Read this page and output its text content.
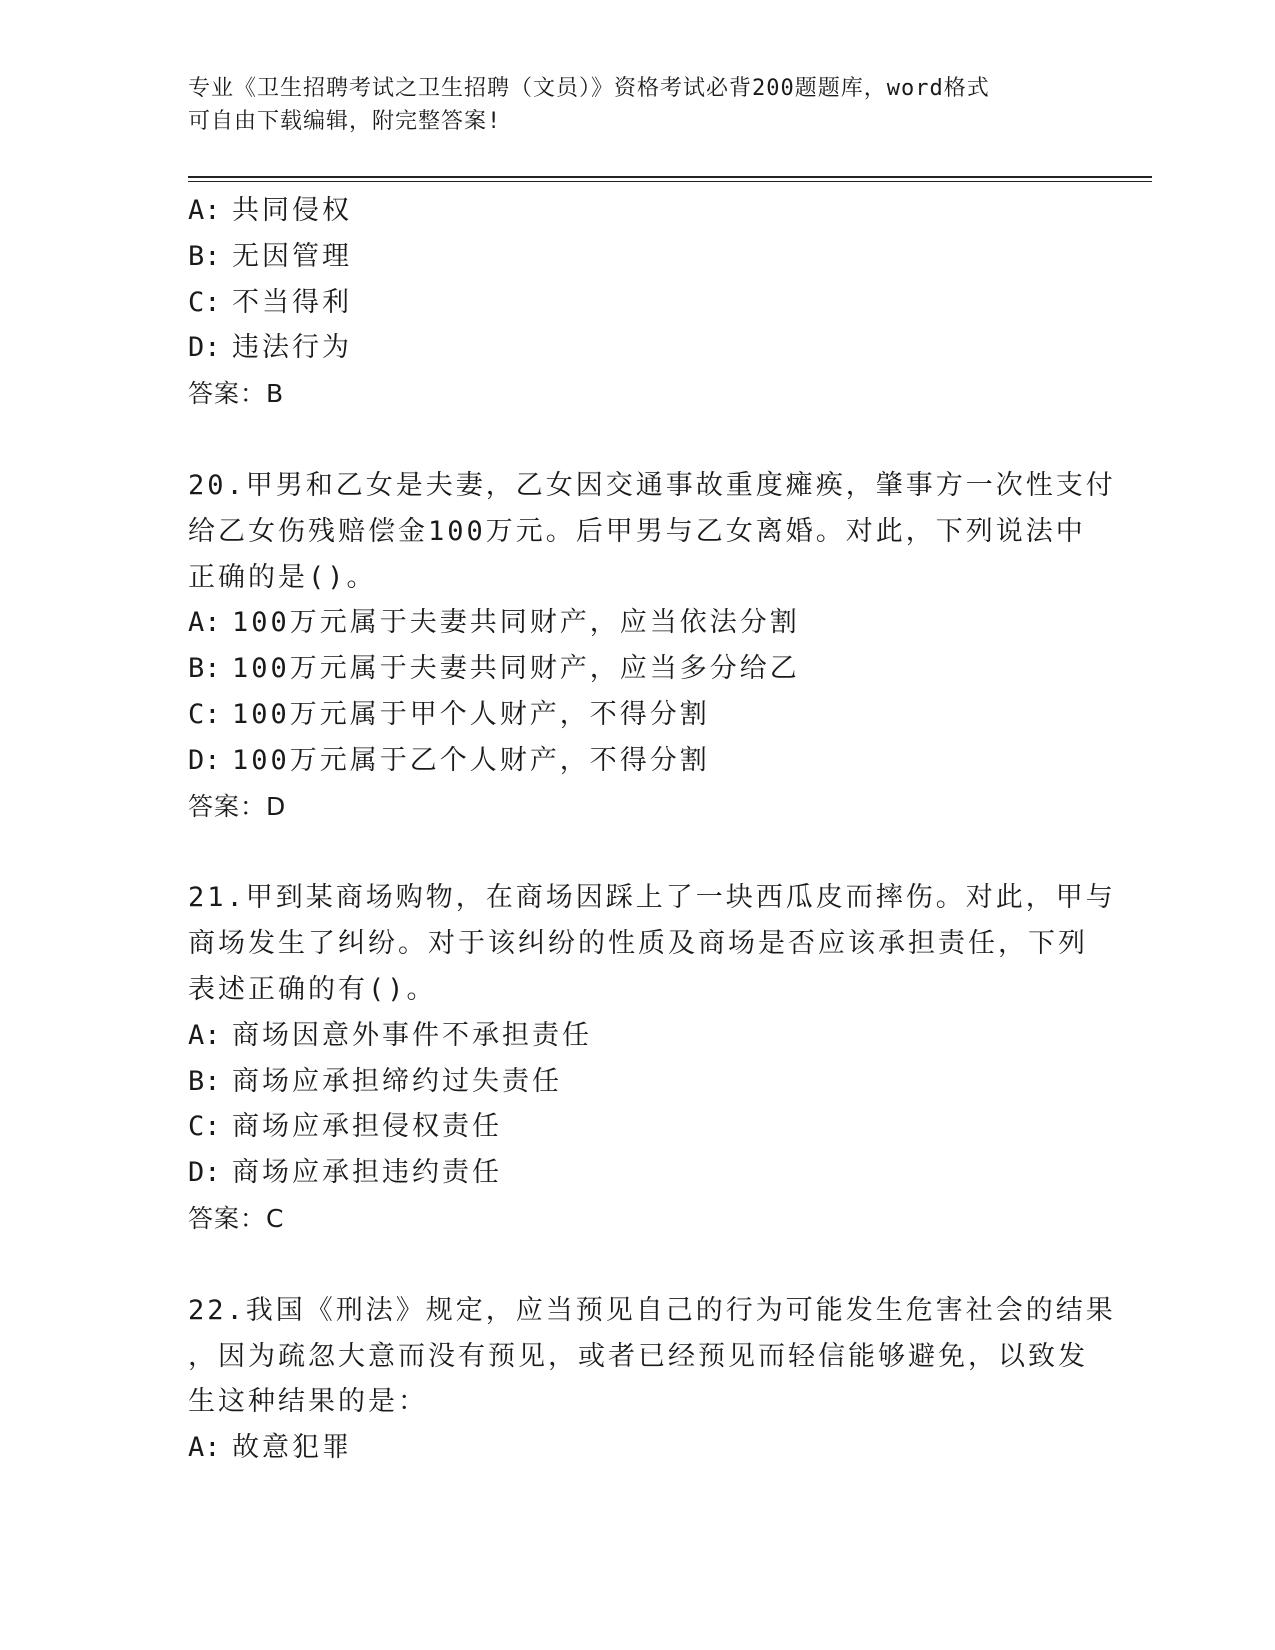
专业《卫生招聘考试之卫生招聘（文员）》资格考试必背200题题库，word格式
可自由下载编辑，附完整答案!
A: 共同侵权
B: 无因管理
C: 不当得利
D: 违法行为
答案：B
20.甲男和乙女是夫妻，乙女因交通事故重度瘫痪，肇事方一次性支付
给乙女伤残赔偿金100万元。后甲男与乙女离婚。对此，下列说法中
正确的是()。
A: 100万元属于夫妻共同财产，应当依法分割
B: 100万元属于夫妻共同财产，应当多分给乙
C: 100万元属于甲个人财产，不得分割
D: 100万元属于乙个人财产，不得分割
答案：D
21.甲到某商场购物，在商场因踩上了一块西瓜皮而摔伤。对此，甲与
商场发生了纠纷。对于该纠纷的性质及商场是否应该承担责任，下列
表述正确的有()。
A: 商场因意外事件不承担责任
B: 商场应承担缔约过失责任
C: 商场应承担侵权责任
D: 商场应承担违约责任
答案：C
22.我国《刑法》规定，应当预见自己的行为可能发生危害社会的结果
，因为疏忽大意而没有预见，或者已经预见而轻信能够避免，以致发
生这种结果的是：
A: 故意犯罪
